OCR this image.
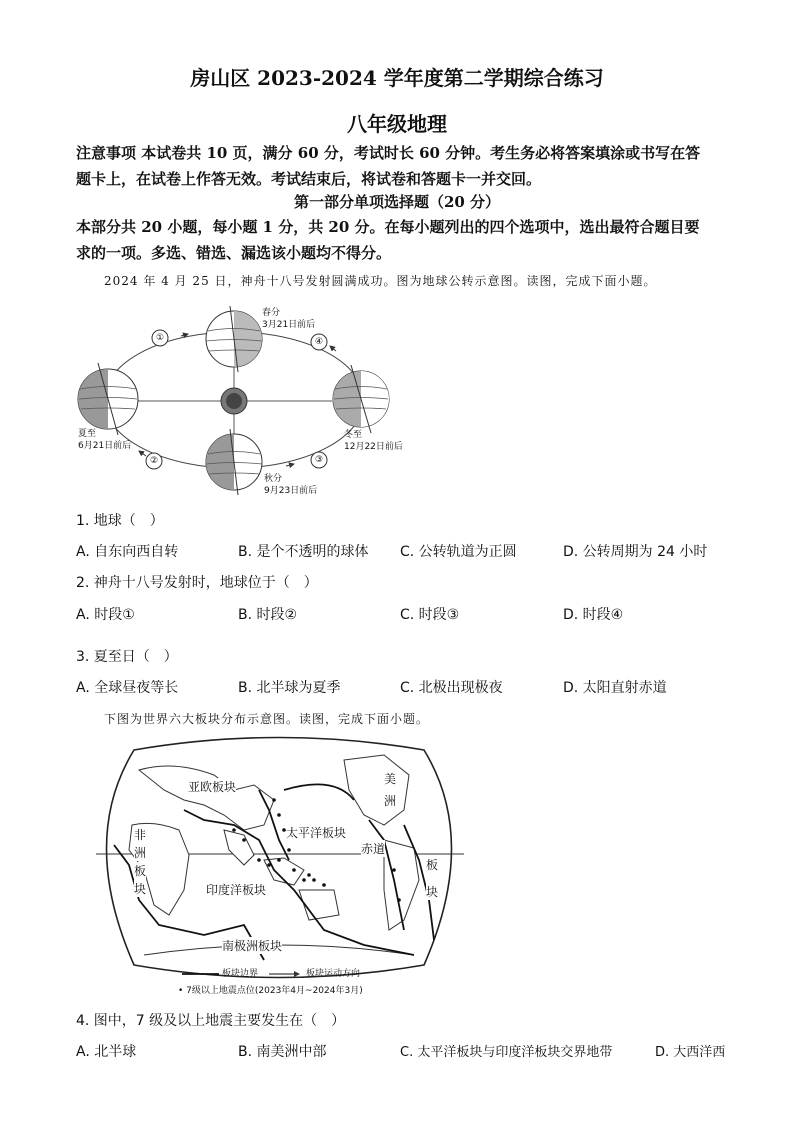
房山区 2023-2024 学年度第二学期综合练习
八年级地理
注意事项 本试卷共 10 页，满分 60 分，考试时长 60 分钟。考生务必将答案填涂或书写在答
题卡上，在试卷上作答无效。考试结束后，将试卷和答题卡一并交回。
第一部分单项选择题（20 分）
本部分共 20 小题，每小题 1 分，共 20 分。在每小题列出的四个选项中，选出最符合题目要
求的一项。多选、错选、漏选该小题均不得分。
2024 年 4 月 25 日，神舟十八号发射圆满成功。图为地球公转示意图。读图，完成下面小题。
①
②	③
④
春分
3月21日前后
夏至
6月21日前后
冬至
12月22日前后
秋分
9月23日前后
1. 地球（　）
A. 自东向西自转	B. 是个不透明的球体 C. 公转轨道为正圆	D. 公转周期为 24 小时
2. 神舟十八号发射时，地球位于（　）
A. 时段①	B. 时段②	C. 时段③	D. 时段④
3. 夏至日（　）
A. 全球昼夜等长	B. 北半球为夏季	C. 北极出现极夜	D. 太阳直射赤道
下图为世界六大板块分布示意图。读图，完成下面小题。
亚欧板块
太平洋板块
印度洋板块
南极洲板块
赤道
非
洲
板
块
美
洲
板
块
板块边界	板块运动方向
• 7级以上地震点位(2023年4月~2024年3月)
4. 图中，7 级及以上地震主要发生在（　）
A. 北半球	B. 南美洲中部	C. 太平洋板块与印度洋板块交界地带	D. 大西洋西
